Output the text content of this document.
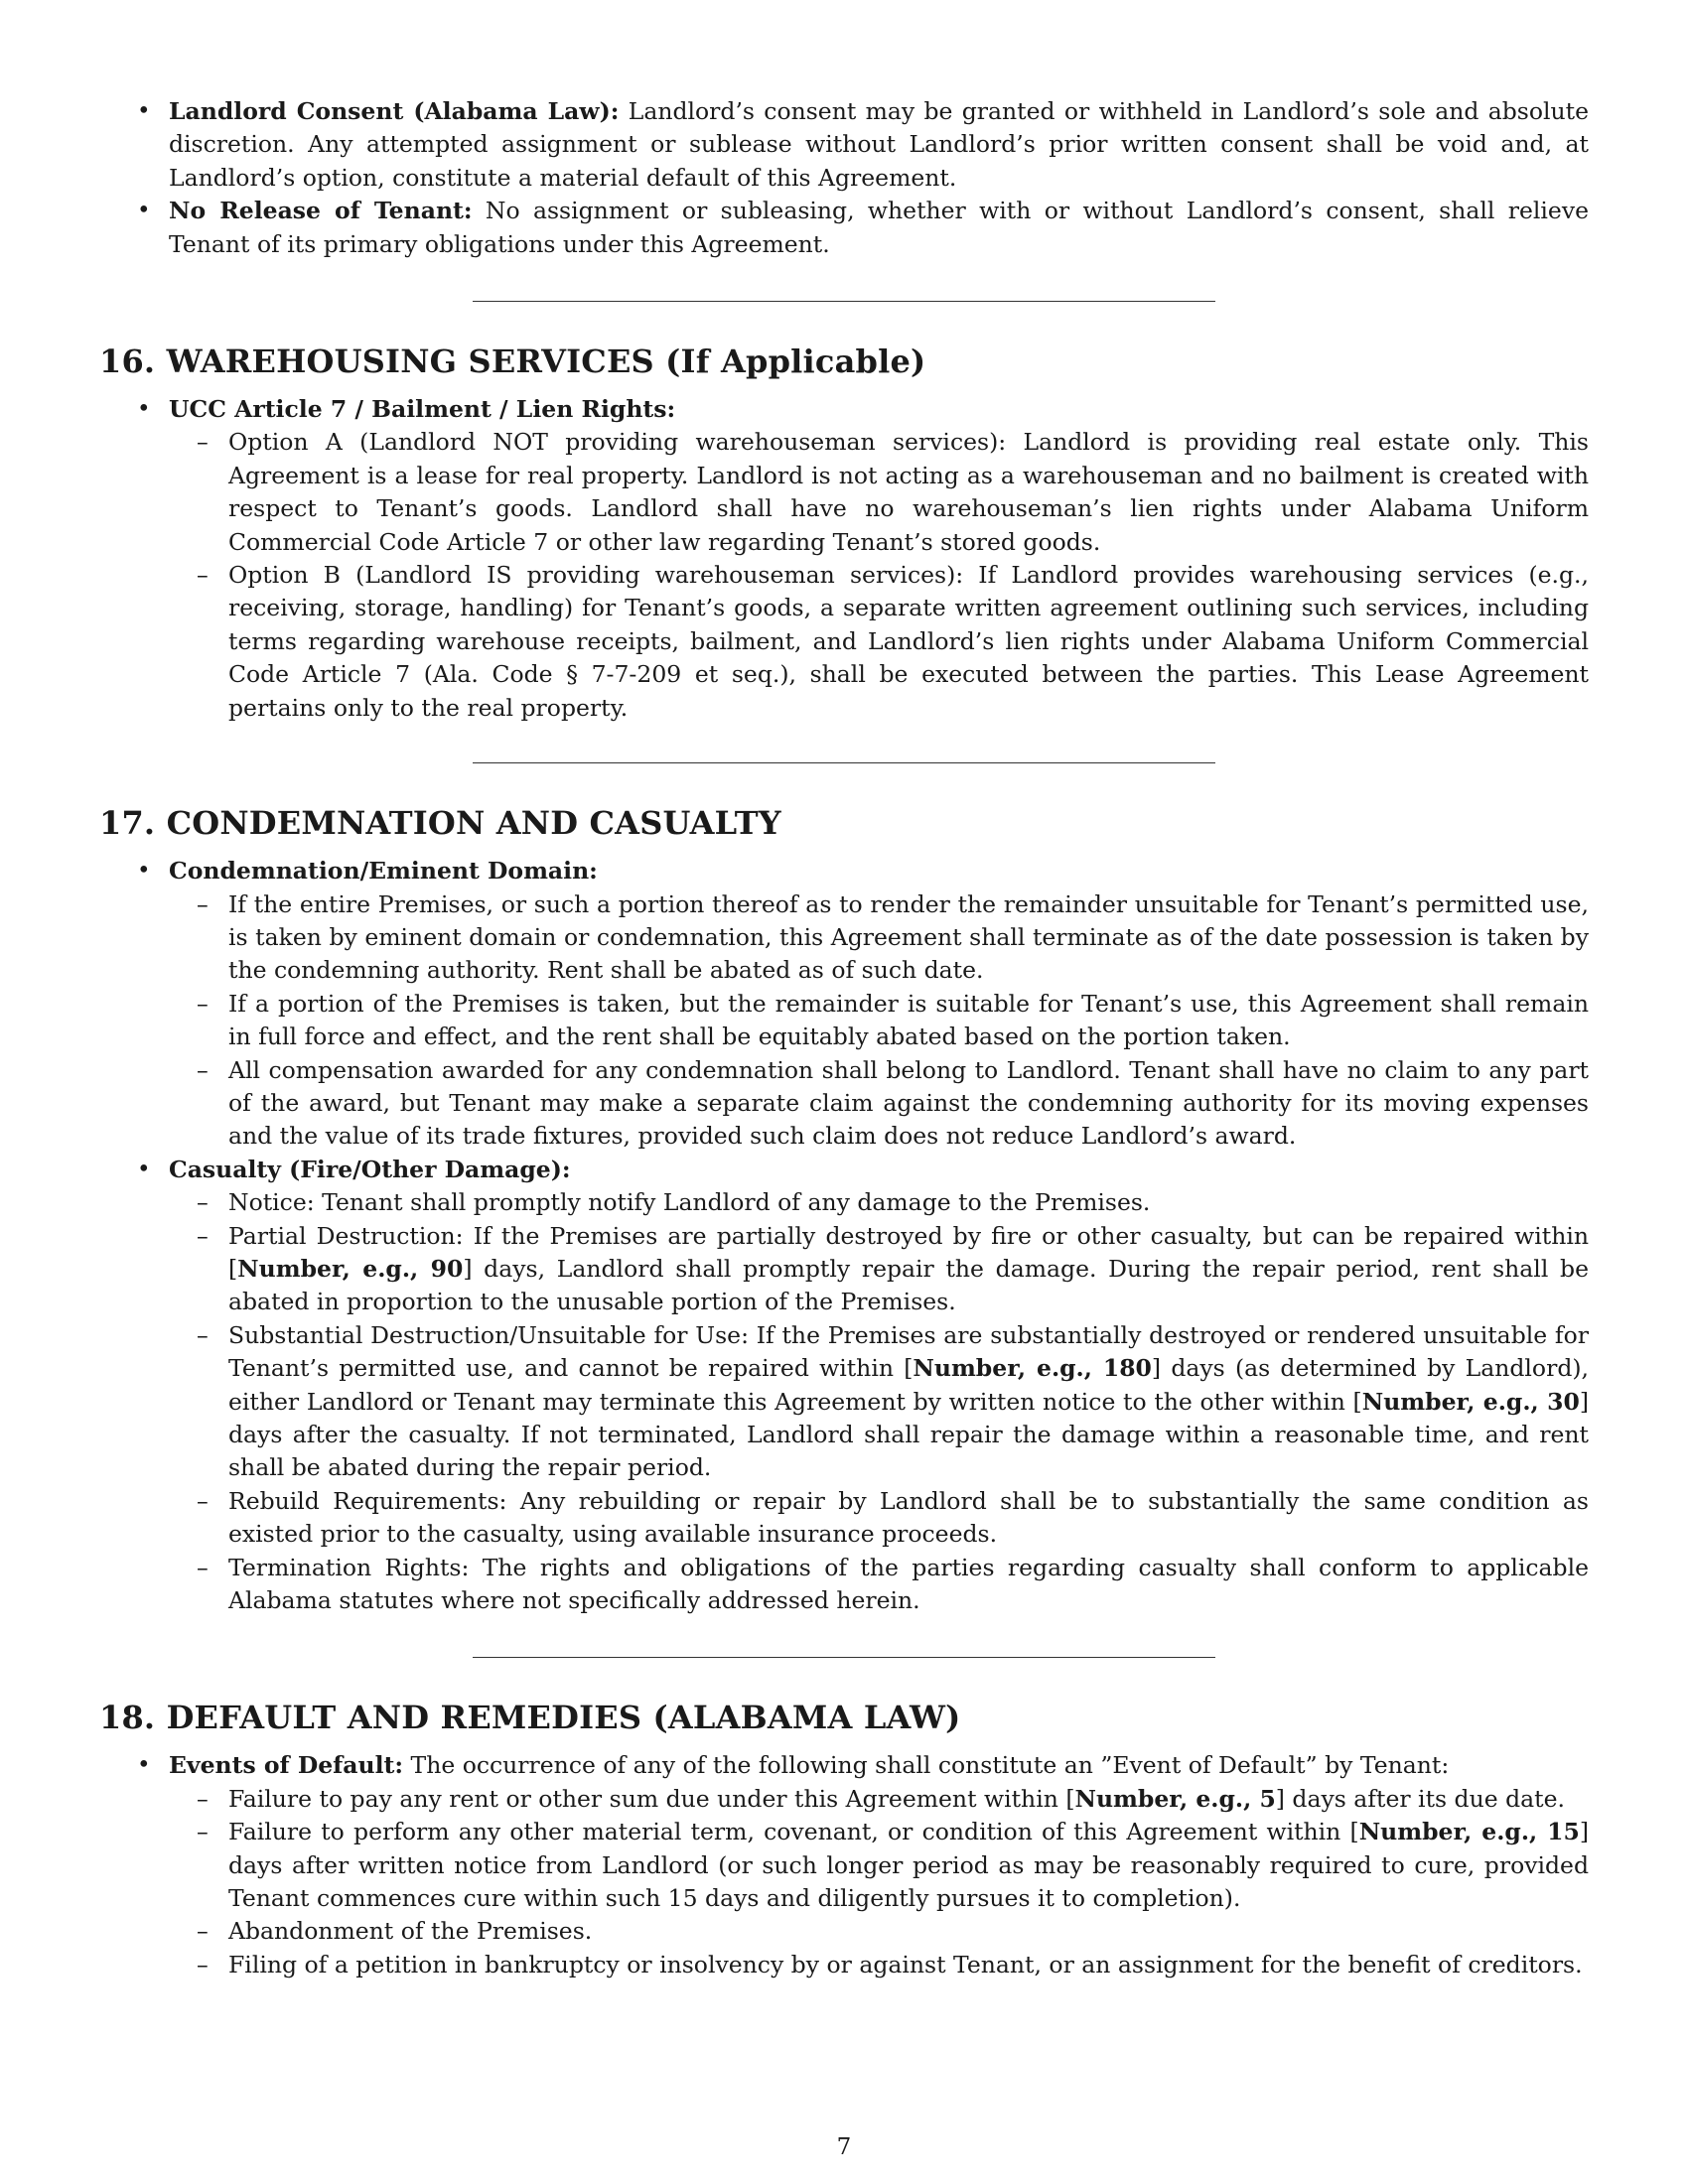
• Landlord Consent (Alabama Law): Landlord’s consent may be granted or withheld in Landlord’s sole and absolute discretion. Any attempted assignment or sublease without Landlord’s prior written consent shall be void and, at Landlord’s option, constitute a material default of this Agreement.
• No Release of Tenant: No assignment or subleasing, whether with or without Landlord’s consent, shall relieve Tenant of its primary obligations under this Agreement.
16. WAREHOUSING SERVICES (If Applicable)
• UCC Article 7 / Bailment / Lien Rights:
– Option A (Landlord NOT providing warehouseman services): Landlord is providing real estate only. This Agreement is a lease for real property. Landlord is not acting as a warehouseman and no bailment is created with respect to Tenant’s goods. Landlord shall have no warehouseman’s lien rights under Alabama Uniform Commercial Code Article 7 or other law regarding Tenant’s stored goods.
– Option B (Landlord IS providing warehouseman services): If Landlord provides warehousing services (e.g., receiving, storage, handling) for Tenant’s goods, a separate written agreement outlining such services, including terms regarding warehouse receipts, bailment, and Landlord’s lien rights under Alabama Uniform Commercial Code Article 7 (Ala. Code § 7-7-209 et seq.), shall be executed between the parties. This Lease Agreement pertains only to the real property.
17. CONDEMNATION AND CASUALTY
• Condemnation/Eminent Domain:
– If the entire Premises, or such a portion thereof as to render the remainder unsuitable for Tenant’s permitted use, is taken by eminent domain or condemnation, this Agreement shall terminate as of the date possession is taken by the condemning authority. Rent shall be abated as of such date.
– If a portion of the Premises is taken, but the remainder is suitable for Tenant’s use, this Agreement shall remain in full force and effect, and the rent shall be equitably abated based on the portion taken.
– All compensation awarded for any condemnation shall belong to Landlord. Tenant shall have no claim to any part of the award, but Tenant may make a separate claim against the condemning authority for its moving expenses and the value of its trade fixtures, provided such claim does not reduce Landlord’s award.
• Casualty (Fire/Other Damage):
– Notice: Tenant shall promptly notify Landlord of any damage to the Premises.
– Partial Destruction: If the Premises are partially destroyed by fire or other casualty, but can be repaired within [Number, e.g., 90] days, Landlord shall promptly repair the damage. During the repair period, rent shall be abated in proportion to the unusable portion of the Premises.
– Substantial Destruction/Unsuitable for Use: If the Premises are substantially destroyed or rendered unsuitable for Tenant’s permitted use, and cannot be repaired within [Number, e.g., 180] days (as determined by Landlord), either Landlord or Tenant may terminate this Agreement by written notice to the other within [Number, e.g., 30] days after the casualty. If not terminated, Landlord shall repair the damage within a reasonable time, and rent shall be abated during the repair period.
– Rebuild Requirements: Any rebuilding or repair by Landlord shall be to substantially the same condition as existed prior to the casualty, using available insurance proceeds.
– Termination Rights: The rights and obligations of the parties regarding casualty shall conform to applicable Alabama statutes where not specifically addressed herein.
18. DEFAULT AND REMEDIES (ALABAMA LAW)
• Events of Default: The occurrence of any of the following shall constitute an ”Event of Default” by Tenant:
– Failure to pay any rent or other sum due under this Agreement within [Number, e.g., 5] days after its due date.
– Failure to perform any other material term, covenant, or condition of this Agreement within [Number, e.g., 15] days after written notice from Landlord (or such longer period as may be reasonably required to cure, provided Tenant commences cure within such 15 days and diligently pursues it to completion).
– Abandonment of the Premises.
– Filing of a petition in bankruptcy or insolvency by or against Tenant, or an assignment for the benefit of creditors.
7
